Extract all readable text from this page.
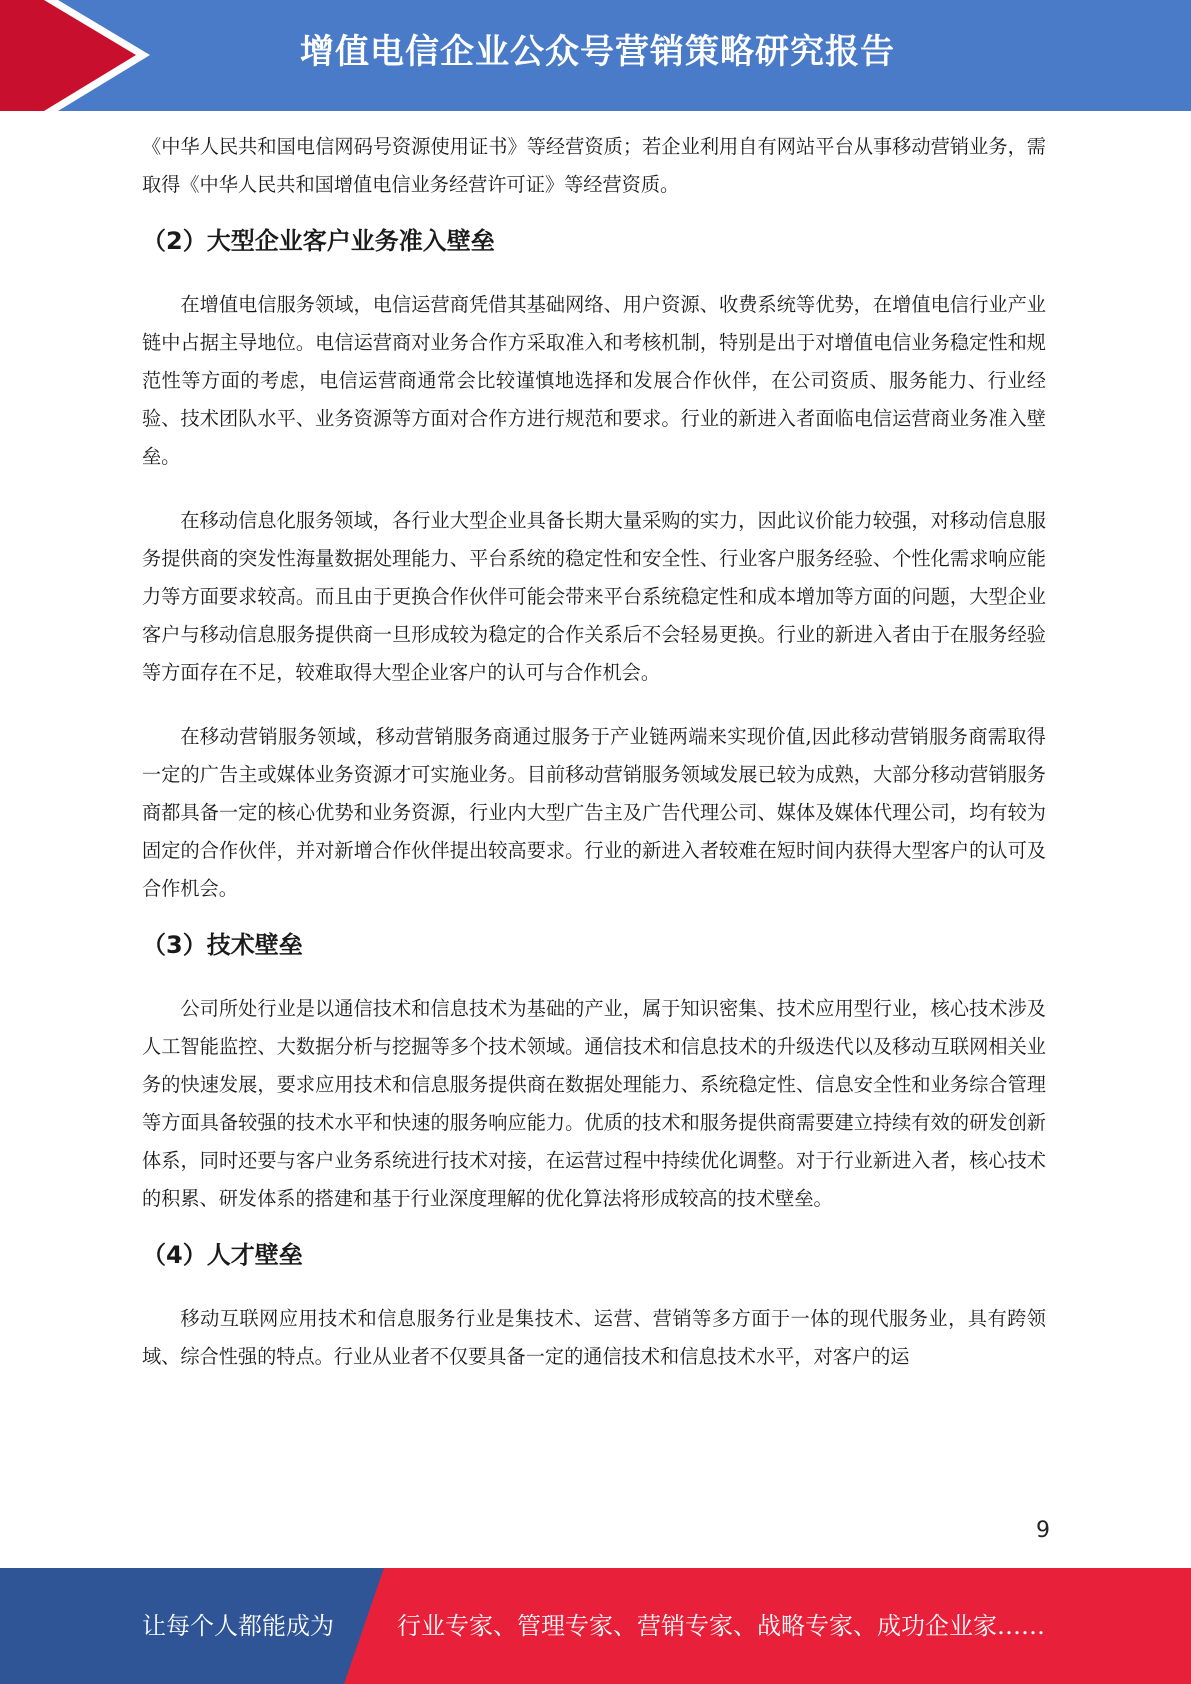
增值电信企业公众号营销策略研究报告

《中华人民共和国电信网码号资源使用证书》等经营资质；若企业利用自有网站平台从事移动营销业务，需取得《中华人民共和国增值电信业务经营许可证》等经营资质。

（2）大型企业客户业务准入壁垒

在增值电信服务领域，电信运营商凭借其基础网络、用户资源、收费系统等优势，在增值电信行业产业链中占据主导地位。电信运营商对业务合作方采取准入和考核机制，特别是出于对增值电信业务稳定性和规范性等方面的考虑，电信运营商通常会比较谨慎地选择和发展合作伙伴，在公司资质、服务能力、行业经验、技术团队水平、业务资源等方面对合作方进行规范和要求。行业的新进入者面临电信运营商业务准入壁垒。

在移动信息化服务领域，各行业大型企业具备长期大量采购的实力，因此议价能力较强，对移动信息服务提供商的突发性海量数据处理能力、平台系统的稳定性和安全性、行业客户服务经验、个性化需求响应能力等方面要求较高。而且由于更换合作伙伴可能会带来平台系统稳定性和成本增加等方面的问题，大型企业客户与移动信息服务提供商一旦形成较为稳定的合作关系后不会轻易更换。行业的新进入者由于在服务经验等方面存在不足，较难取得大型企业客户的认可与合作机会。

在移动营销服务领域，移动营销服务商通过服务于产业链两端来实现价值,因此移动营销服务商需取得一定的广告主或媒体业务资源才可实施业务。目前移动营销服务领域发展已较为成熟，大部分移动营销服务商都具备一定的核心优势和业务资源，行业内大型广告主及广告代理公司、媒体及媒体代理公司，均有较为固定的合作伙伴，并对新增合作伙伴提出较高要求。行业的新进入者较难在短时间内获得大型客户的认可及合作机会。

（3）技术壁垒

公司所处行业是以通信技术和信息技术为基础的产业，属于知识密集、技术应用型行业，核心技术涉及人工智能监控、大数据分析与挖掘等多个技术领域。通信技术和信息技术的升级迭代以及移动互联网相关业务的快速发展，要求应用技术和信息服务提供商在数据处理能力、系统稳定性、信息安全性和业务综合管理等方面具备较强的技术水平和快速的服务响应能力。优质的技术和服务提供商需要建立持续有效的研发创新体系，同时还要与客户业务系统进行技术对接，在运营过程中持续优化调整。对于行业新进入者，核心技术的积累、研发体系的搭建和基于行业深度理解的优化算法将形成较高的技术壁垒。

（4）人才壁垒

移动互联网应用技术和信息服务行业是集技术、运营、营销等多方面于一体的现代服务业，具有跨领域、综合性强的特点。行业从业者不仅要具备一定的通信技术和信息技术水平，对客户的运

9
让每个人都能成为	行业专家、管理专家、营销专家、战略专家、成功企业家……
